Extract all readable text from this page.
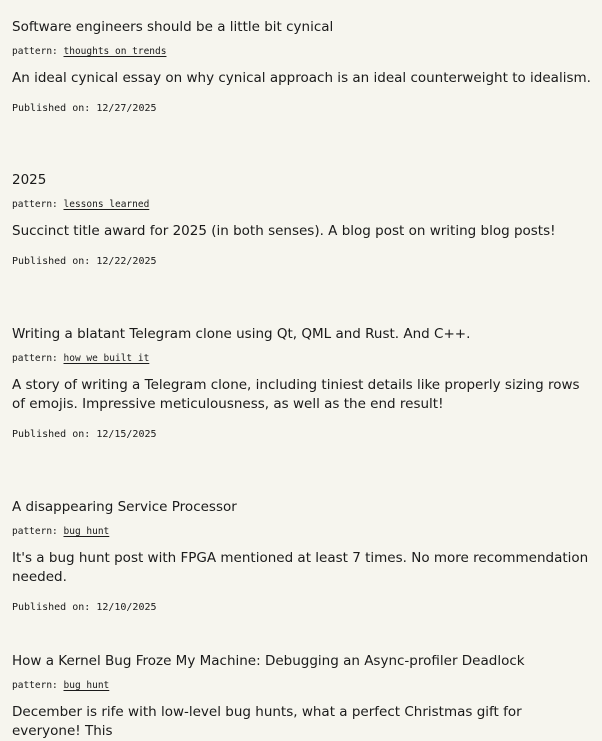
Software engineers should be a little bit cynical
pattern: thoughts on trends
An ideal cynical essay on why cynical approach is an ideal counterweight to idealism.
Published on: 12/27/2025
2025
pattern: lessons learned
Succinct title award for 2025 (in both senses). A blog post on writing blog posts!
Published on: 12/22/2025
Writing a blatant Telegram clone using Qt, QML and Rust. And C++.
pattern: how we built it
A story of writing a Telegram clone, including tiniest details like properly sizing rows of emojis. Impressive meticulousness, as well as the end result!
Published on: 12/15/2025
A disappearing Service Processor
pattern: bug hunt
It's a bug hunt post with FPGA mentioned at least 7 times. No more recommendation needed.
Published on: 12/10/2025
How a Kernel Bug Froze My Machine: Debugging an Async-profiler Deadlock
pattern: bug hunt
December is rife with low-level bug hunts, what a perfect Christmas gift for everyone! This
